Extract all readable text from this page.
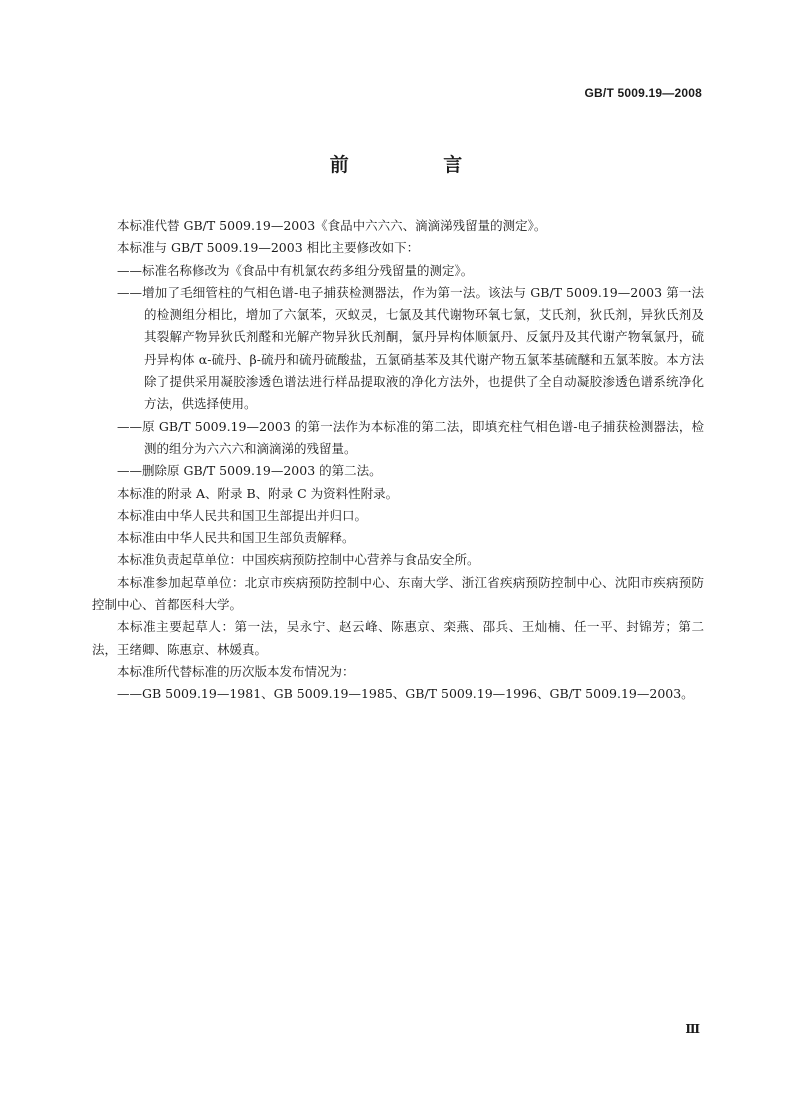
GB/T 5009.19—2008
前 言

本标准代替 GB/T 5009.19—2003《食品中六六六、滴滴涕残留量的测定》。

本标准与 GB/T 5009.19—2003 相比主要修改如下：

——标准名称修改为《食品中有机氯农药多组分残留量的测定》。

——增加了毛细管柱的气相色谱-电子捕获检测器法，作为第一法。该法与 GB/T 5009.19—2003 第一法的检测组分相比，增加了六氯苯，灭蚁灵，七氯及其代谢物环氧七氯，艾氏剂，狄氏剂，异狄氏剂及其裂解产物异狄氏剂醛和光解产物异狄氏剂酮，氯丹异构体顺氯丹、反氯丹及其代谢产物氧氯丹，硫丹异构体 α-硫丹、β-硫丹和硫丹硫酸盐，五氯硝基苯及其代谢产物五氯苯基硫醚和五氯苯胺。本方法除了提供采用凝胶渗透色谱法进行样品提取液的净化方法外，也提供了全自动凝胶渗透色谱系统净化方法，供选择使用。

——原 GB/T 5009.19—2003 的第一法作为本标准的第二法，即填充柱气相色谱-电子捕获检测器法，检测的组分为六六六和滴滴涕的残留量。

——删除原 GB/T 5009.19—2003 的第二法。

本标准的附录 A、附录 B、附录 C 为资料性附录。

本标准由中华人民共和国卫生部提出并归口。

本标准由中华人民共和国卫生部负责解释。

本标准负责起草单位：中国疾病预防控制中心营养与食品安全所。

本标准参加起草单位：北京市疾病预防控制中心、东南大学、浙江省疾病预防控制中心、沈阳市疾病预防控制中心、首都医科大学。

本标准主要起草人：第一法，吴永宁、赵云峰、陈惠京、栾燕、邵兵、王灿楠、任一平、封锦芳；第二法，王绪卿、陈惠京、林媛真。

本标准所代替标准的历次版本发布情况为：

——GB 5009.19—1981、GB 5009.19—1985、GB/T 5009.19—1996、GB/T 5009.19—2003。

Ⅲ
